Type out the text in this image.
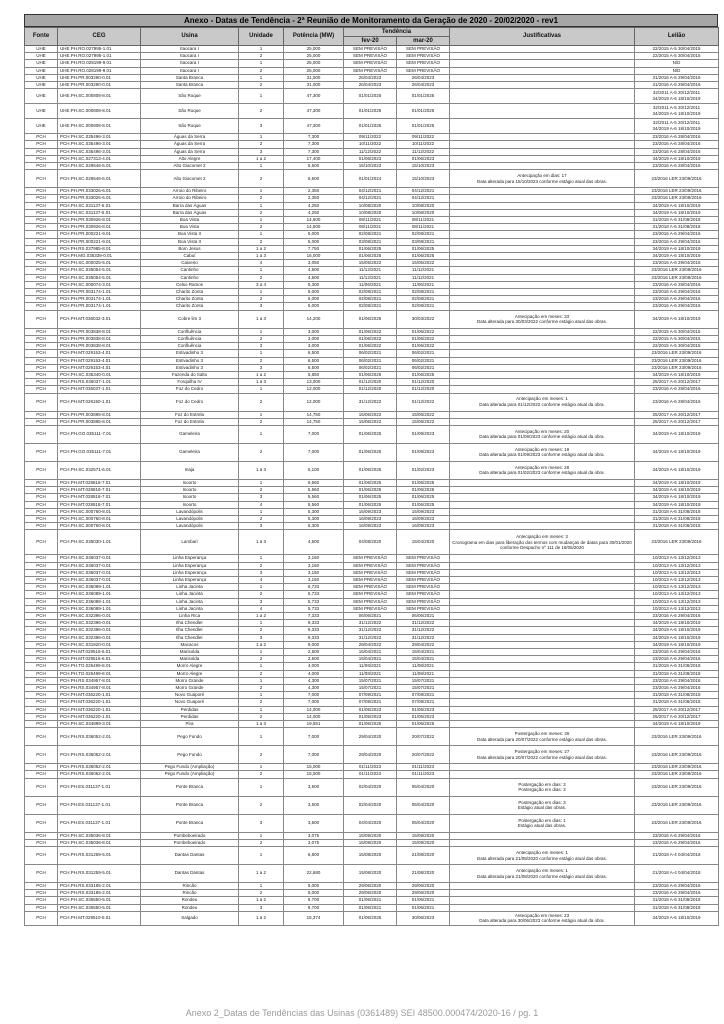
Anexo - Datas de Tendência - 2ª Reunião de Monitoramento da Geração de 2020 - 20/02/2020 - rev1
Fonte	CEG	Usina	Unidade	Potência (MW)	Tendência		Justificativas	Leilão
					fev-20	mar-20		
UHE	UHE.PH.RO.027995-1.01	Itaocara I	1	25,000	SEM PREVISÃO	SEM PREVISÃO		22/2015 A-5 30/04/2015
UHE	UHE.PH.RO.027995-1.01	Itaocara I	2	25,000	SEM PREVISÃO	SEM PREVISÃO		22/2015 A-5 30/04/2015
UHE	UHE.PH.RO.028199-9.01	Itaocara I	1	25,000	SEM PREVISÃO	SEM PREVISÃO		N/D
UHE	UHE.PH.RO.028199-9.01	Itaocara I	2	25,000	SEM PREVISÃO	SEM PREVISÃO		N/D
UHE	UHE.PH.PR.003290-0.01	Santa Branca	1	31,000	26/04/2023	26/04/2023		31/2016 A-5 29/04/2016
UHE	UHE.PH.PR.003290-0.01	Santa Branca	2	31,000	26/04/2023	26/04/2023		31/2016 A-5 29/04/2016
UHE	UHE.PH.SC.000808-8.01	São Roque	1	47,300	01/01/2025	01/01/2025		32/2011 A-5 20/12/2011
34/2019 A-6 18/10/2019
UHE	UHE.PH.SC.000808-8.01	São Roque	2	47,300	01/01/2025	01/01/2025		32/2011 A-5 20/12/2011
34/2019 A-6 18/10/2019
UHE	UHE.PH.SC.000808-8.01	São Roque	3	47,300	01/01/2025	01/01/2025		32/2011 A-5 20/12/2011
34/2019 A-6 18/10/2019
PCH	PCH.PH.SC.035496-3.01	Águas da Serra	1	7,300	09/11/2022	09/11/2022		23/2016 A-6 28/04/2016
PCH	PCH.PH.SC.035496-3.01	Águas da Serra	2	7,300	10/11/2022	10/11/2022		23/2016 A-6 28/04/2016
PCH	PCH.PH.SC.035496-3.01	Águas da Serra	3	7,300	11/12/2022	11/12/2022		23/2016 A-6 28/04/2016
PCH	PCH.PH.SC.027313-4.01	Alto Alegre	1 a 2	17,400	01/06/2023	01/06/2023		34/2019 A-6 18/10/2019
PCH	PCH.PH.SC.029646-6.01	Alto Giacomet 2	1	5,500	15/10/2023	15/10/2023		23/2016 A-6 28/04/2016
PCH	PCH.PH.SC.029646-6.01	Alto Giacomet 2	2	5,500	01/01/2024	15/10/2023	Antecipação em dias: 17
Data alterada para 15/10/2023 conforme estágio atual das obras.	23/2016 LER 23/09/2016
PCH	PCH.PH.PR.033026-6.01	Arroio do Ribeiro	1	2,350	04/12/2021	04/12/2021		23/2016 LER 23/09/2016
PCH	PCH.PH.PR.033026-6.01	Arroio do Ribeiro	2	2,350	04/12/2021	04/12/2021		23/2016 LER 23/09/2016
PCH	PCH.PH.SC.031137-5.01	Barra das Águas	1	4,250	10/08/2020	10/08/2020		34/2019 A-6 18/10/2019
PCH	PCH.PH.SC.031137-5.01	Barra das Águas	2	4,250	10/08/2020	10/08/2020		34/2019 A-6 18/10/2019
PCH	PCH.PH.PR.030926-8.01	Boa Vista	1	14,500	08/11/2021	08/11/2021		31/2018 A-6 31/08/2018
PCH	PCH.PH.PR.030926-8.01	Boa Vista	2	14,500	08/11/2021	08/11/2021		31/2018 A-6 31/08/2018
PCH	PCH.PH.PR.000221-9.01	Boa Vista II	1	5,000	02/08/2021	02/08/2021		23/2016 A-6 29/04/2016
PCH	PCH.PH.PR.000221-9.01	Boa Vista II	2	5,000	03/08/2021	03/08/2021		23/2016 A-6 29/04/2016
PCH	PCH.PH.RS.037985-8.01	Bom Jesus	1 a 2	7,750	01/06/2025	01/06/2025		34/2019 A-6 18/10/2019
PCH	PCH.PH.MG.035339-0.01	Cabuí	1 a 3	16,000	01/06/2025	01/06/2025		34/2019 A-6 18/10/2019
PCH	PCH.PH.SC.000025-5.01	Caixeiro	4	3,050	15/05/2022	15/05/2022		23/2016 A-6 29/04/2016
PCH	PCH.PH.SC.035054-5.01	Cantinho	1	4,500	11/12/2021	11/12/2021		23/2016 LER 23/09/2016
PCH	PCH.PH.SC.035054-5.01	Cantinho	2	4,500	11/12/2021	11/12/2021		23/2016 LER 23/09/2016
PCH	PCH.PH.SC.000074-3.01	Celso Ramos	3 a 4	5,300	11/06/2021	11/06/2021		23/2016 A-6 28/04/2016
PCH	PCH.PH.PR.003174-1.01	Charito Zonta	1	5,000	02/08/2021	02/08/2021		23/2016 A-6 29/04/2016
PCH	PCH.PH.PR.003174-1.01	Charito Zonta	2	5,000	02/08/2021	02/08/2021		23/2016 A-6 29/04/2016
PCH	PCH.PH.PR.003174-1.01	Charito Zonta	3	5,000	02/08/2021	02/08/2021		23/2016 A-6 29/04/2016
PCH	PCH.PH.MT.036032-3.01	Cobre lim 3	1 a 3	14,200	01/06/2025	30/03/2022	Antecipação em meses: 33
Data alterada para 30/03/2022 conforme estágio atual das obras.	34/2019 A-6 18/10/2019
PCH	PCH.PH.PR.003838-8.01	Confluência	1	3,000	01/06/2022	01/06/2022		22/2015 A-5 30/04/2015
PCH	PCH.PH.PR.003838-8.01	Confluência	2	3,000	01/06/2022	01/06/2022		22/2015 A-5 30/04/2015
PCH	PCH.PH.PR.003838-8.01	Confluência	3	3,000	01/06/2022	01/06/2022		22/2015 A-5 30/04/2015
PCH	PCH.PH.MT.029153-4.01	Estivadinho 3	1	6,500	06/02/2021	06/02/2021		23/2016 LER 23/09/2016
PCH	PCH.PH.MT.029153-4.01	Estivadinho 3	2	6,500	06/02/2021	06/02/2021		23/2016 LER 23/09/2016
PCH	PCH.PH.MT.029153-4.01	Estivadinho 3	3	6,500	06/02/2021	06/02/2021		23/2016 LER 23/09/2016
PCH	PCH.PH.SC.035340-0.01	Fazenda do Salto	1 a 2	5,850	01/06/2025	01/06/2025		34/2019 A-6 18/10/2019
PCH	PCH.PH.RS.036037-1.01	Forquilha IV	1 a 3	13,000	01/12/2020	01/12/2020		25/2017 A-6 20/12/2017
PCH	PCH.PH.MT.036037-1.01	Foz do Cedro	1	12,000	01/12/2020	01/12/2020		23/2016 A-6 28/04/2016
PCH	PCH.PH.MT.028150-1.01	Foz do Cedro	2	12,000	31/12/2022	01/12/2022	Antecipação em meses: 1
Data alterada para 01/12/2022 conforme estágio atual da obra.	23/2016 A-6 28/04/2016
PCH	PCH.PH.PR.003895-8.01	Foz do Estrela	1	14,750	15/06/2022	15/06/2022		25/2017 A-6 20/12/2017
PCH	PCH.PH.PR.003895-8.01	Foz do Estrela	2	14,750	15/06/2022	15/06/2022		25/2017 A-6 20/12/2017
PCH	PCH.PH.GO.035111-7.01	Gameleira	1	7,000	01/06/2025	01/09/2023	Antecipação em meses: 20
Data alterada para 01/09/2023 conforme estágio atual da obra.	34/2019 A-6 18/10/2019
PCH	PCH.PH.GO.035111-7.01	Gameleira	2	7,000	01/06/2025	01/09/2023	Antecipação em meses: 19
Data alterada para 01/09/2023 conforme estágio atual da obra.	34/2019 A-6 18/10/2019
PCH	PCH.PH.SC.032571-6.01	Inaja	1 a 3	5,100	01/06/2025	01/02/2023	Antecipação em meses: 28
Data alterada para 01/02/2023 conforme estágio atual da obra.	34/2019 A-6 18/10/2019
PCH	PCH.PH.MT.028818-7.01	Isoorto	1	5,560	01/06/2025	01/06/2025		34/2019 A-6 18/10/2019
PCH	PCH.PH.MT.028818-7.01	Isoorto	2	5,560	01/06/2025	01/06/2025		34/2019 A-6 18/10/2019
PCH	PCH.PH.MT.028818-7.01	Isoorto	3	5,560	01/06/2025	01/06/2025		34/2019 A-6 18/10/2019
PCH	PCH.PH.MT.028818-7.01	Isoorto	4	5,560	01/06/2025	01/06/2025		34/2019 A-6 18/10/2019
PCH	PCH.PH.SC.000760-8.01	Lavandópolis	1	5,300	15/09/2023	15/09/2023		31/2018 A-6 31/08/2018
PCH	PCH.PH.SC.000760-8.01	Lavandópolis	2	5,300	16/09/2023	16/09/2023		31/2018 A-6 31/08/2018
PCH	PCH.PH.SC.000760-8.01	Lavandópolis	3	5,300	16/09/2023	16/09/2023		31/2018 A-6 31/08/2018
PCH	PCH.PH.SC.035030-1.01	Lambari	1 a 3	4,500	04/08/2020	15/04/2020	Antecipação em meses: 3
Cronograma em dias para liberação dos termos com mudanças de datas para 30/01/2020
conforme Despacho nº 111 de 19/05/2020	23/2016 LER 23/09/2016
PCH	PCH.PH.SC.036037-0.01	Linha Esperança	1	3,150	SEM PREVISÃO	SEM PREVISÃO		10/2013 A-5 13/12/2013
PCH	PCH.PH.SC.036037-0.01	Linha Esperança	2	3,150	SEM PREVISÃO	SEM PREVISÃO		10/2013 A-5 13/12/2013
PCH	PCH.PH.SC.036037-0.01	Linha Esperança	3	3,150	SEM PREVISÃO	SEM PREVISÃO		10/2013 A-5 13/12/2013
PCH	PCH.PH.SC.036037-0.01	Linha Esperança	4	3,150	SEM PREVISÃO	SEM PREVISÃO		10/2013 A-5 13/12/2013
PCH	PCH.PH.SC.036089-1.01	Linha Jacinta	1	5,733	SEM PREVISÃO	SEM PREVISÃO		10/2013 A-5 13/12/2013
PCH	PCH.PH.SC.036089-1.01	Linha Jacinta	2	5,733	SEM PREVISÃO	SEM PREVISÃO		10/2013 A-5 13/12/2013
PCH	PCH.PH.SC.036089-1.01	Linha Jacinta	3	5,733	SEM PREVISÃO	SEM PREVISÃO		10/2013 A-5 13/12/2013
PCH	PCH.PH.SC.036089-1.01	Linha Jacinta	4	5,733	SEM PREVISÃO	SEM PREVISÃO		10/2013 A-5 13/12/2013
PCH	PCH.PH.SC.032396-0.01	Linha Rica	1 a 2	7,333	06/06/2021	06/06/2021		23/2016 A-6 29/04/2016
PCH	PCH.PH.SC.032396-0.01	Ilha Chendler	1	9,333	31/12/2022	31/12/2022		34/2019 A-6 18/10/2019
PCH	PCH.PH.SC.032396-0.01	Ilha Chendler	2	9,333	31/12/2022	31/12/2022		34/2019 A-6 18/10/2019
PCH	PCH.PH.SC.032396-0.01	Ilha Chendler	3	9,333	31/12/2022	31/12/2022		34/2019 A-6 18/10/2019
PCH	PCH.PH.SC.031920-0.01	Macacos	1 a 2	9,000	29/04/2022	29/04/2022		34/2019 A-6 18/10/2019
PCH	PCH.PH.MT.029516-6.01	Marisolda	1	2,500	15/04/2021	15/04/2021		23/2016 A-6 29/04/2016
PCH	PCH.PH.MT.029516-6.01	Marisolda	2	2,500	15/04/2021	15/04/2021		23/2016 A-6 29/04/2016
PCH	PCH.PH.TO.026499-8.01	Morro Alegre	1	4,000	11/08/2021	11/08/2021		31/2018 A-6 31/08/2018
PCH	PCH.PH.TO.026499-8.01	Morro Alegre	2	4,000	11/08/2021	11/08/2021		31/2018 A-6 31/08/2018
PCH	PCH.PH.RS.034957-8.01	Morro Grande	1	4,300	15/07/2021	15/07/2021		23/2016 A-6 29/04/2016
PCH	PCH.PH.RS.034957-8.01	Morro Grande	2	4,300	15/07/2021	15/07/2021		23/2016 A-6 29/04/2016
PCH	PCH.PH.MT.036220-1.01	Novo Guaporé	1	7,000	07/09/2021	07/09/2021		31/2018 A-6 31/08/2018
PCH	PCH.PH.MT.036220-1.01	Novo Guaporé	2	7,000	07/09/2021	07/09/2021		31/2018 A-6 31/08/2018
PCH	PCH.PH.MT.036220-1.01	Perdidas	1	14,000	01/05/2023	01/05/2023		25/2017 A-6 20/12/2017
PCH	PCH.PH.MT.036220-1.01	Perdidas	2	14,000	01/05/2023	01/05/2023		25/2017 A-6 20/12/2017
PCH	PCH.PH.SC.034899-3.01	Pira	1 a 3	19,551	01/06/2025	01/06/2025		34/2019 A-6 18/10/2019
PCH	PCH.PH.RS.036052-2.01	Pego Fundo	1	7,000	29/04/2020	20/07/2022	Postergação em meses: 26
Data alterada para 20/07/2022 conforme estágio atual das obras.	23/2016 LER 23/09/2016
PCH	PCH.PH.RS.036052-2.01	Pego Fundo	2	7,000	29/04/2020	20/07/2022	Postergação em meses: 27
Data alterada para 20/07/2022 conforme estágio atual das obras.	23/2016 LER 23/09/2016
PCH	PCH.PH.RS.036052-2.01	Pego Fundo (Ampliação)	1	15,000	01/11/2023	01/11/2023		23/2016 LER 23/09/2016
PCH	PCH.PH.RS.036052-2.01	Pego Fundo (Ampliação)	2	15,000	01/11/2023	01/11/2023		23/2016 LER 23/09/2016
PCH	PCH.PH.ES.031137-1.01	Ponte Branca	1	3,500	02/04/2020	05/04/2020	Postergação em dias: 3
Postergação em dias: 3	23/2016 LER 23/09/2016
PCH	PCH.PH.ES.031137-1.01	Ponte Branca	2	3,500	02/04/2020	05/04/2020	Postergação em dias: 3
Estágio atual das obras.	23/2016 LER 23/09/2016
PCH	PCH.PH.ES.031137-1.01	Ponte Branca	3	3,500	04/04/2020	05/04/2020	Postergação em dias: 1
Estágio atual das obras.	23/2016 LER 23/09/2016
PCH	PCH.PH.SC.035036-8.01	Pombeboeirado	1	3,075	15/09/2020	15/09/2020		23/2016 A-6 29/04/2016
PCH	PCH.PH.SC.035036-8.01	Pombeboeirado	2	3,075	15/09/2020	15/09/2020		23/2016 A-6 29/04/2016
PCH	PCH.PH.RS.031259-5.01	Dantas Dantas	1	6,800	15/08/2020	21/08/2020	Antecipação em meses: 1
Data alterada para 21/08/2020 conforme estágio atual das obras.	21/2018 A-4 04/04/2018
PCH	PCH.PH.RS.031259-5.01	Dantas Dantas	1 a 2	22,680	15/08/2020	21/08/2020	Antecipação em meses: 1
Data alterada para 21/08/2020 conforme estágio atual das obras.	21/2018 A-4 04/04/2018
PCH	PCH.PH.RS.033185-2.01	Rincão	1	5,000	29/06/2020	29/06/2020		23/2016 A-6 29/04/2016
PCH	PCH.PH.RS.033185-2.01	Rincão	2	5,000	29/06/2020	29/06/2020		23/2016 A-6 29/04/2016
PCH	PCH.PH.SC.035550-5.01	Rondeu	1 a 2	9,700	01/06/2021	01/06/2021		31/2018 A-6 31/08/2018
PCH	PCH.PH.SC.035550-5.01	Rondeu	3	9,700	01/06/2021	01/06/2021		31/2018 A-6 31/08/2018
PCH	PCH.PH.MT.029510-5.01	Salgado	1 a 2	15,374	01/06/2025	30/06/2023	Antecipação em meses: 23
Data alterada para 30/06/2023 conforme estágio atual da obra.	34/2019 A-6 18/10/2019
Anexo 2_Datas de Tendências das Usinas (0361489) SEI 48500.000474/2020-16 / pg. 1
